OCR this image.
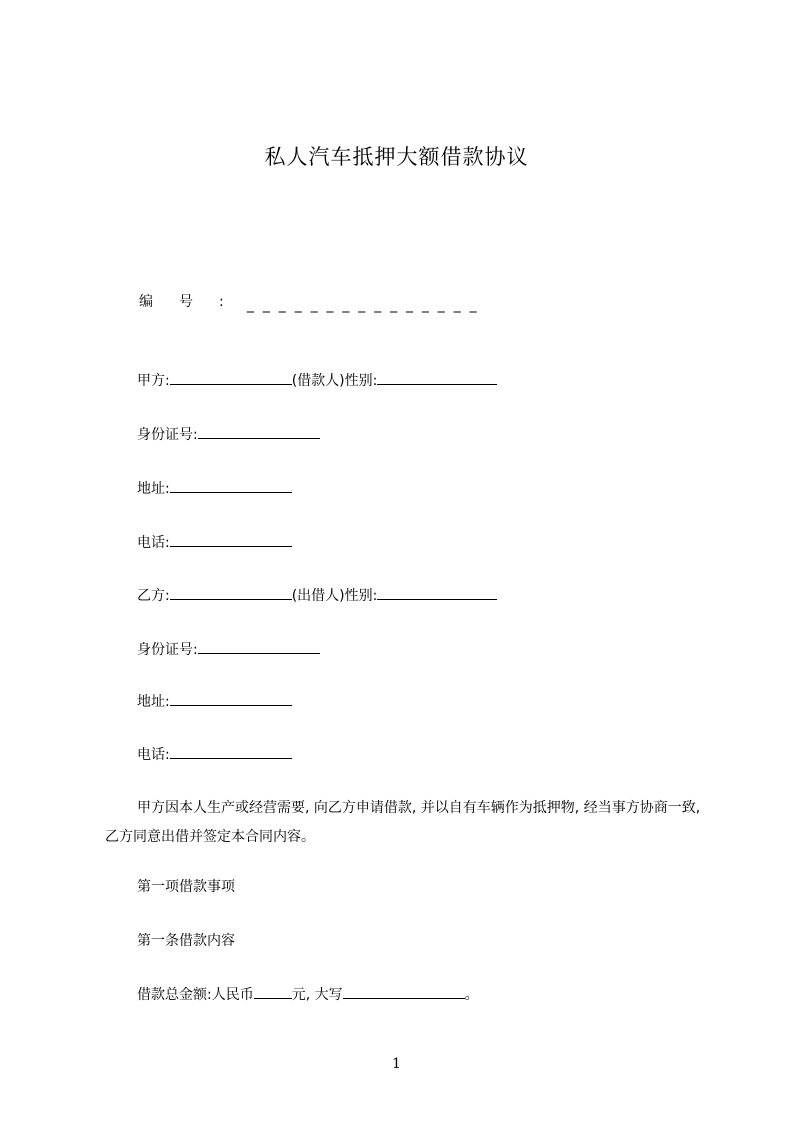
私人汽车抵押大额借款协议
编 号 : _  _  _  _  _  _  _  _  _  _  _  _  _  _  _
甲方:	(借款人)性别:
身份证号:
地址:
电话:
乙方:	(出借人)性别:
身份证号:
地址:
电话:
甲方因本人生产或经营需要, 向乙方申请借款, 并以自有车辆作为抵押物, 经当事方协商一致, 乙方同意出借并签定本合同内容。
第一项借款事项
第一条借款内容
借款总金额:人民币	元, 大写	。
1
